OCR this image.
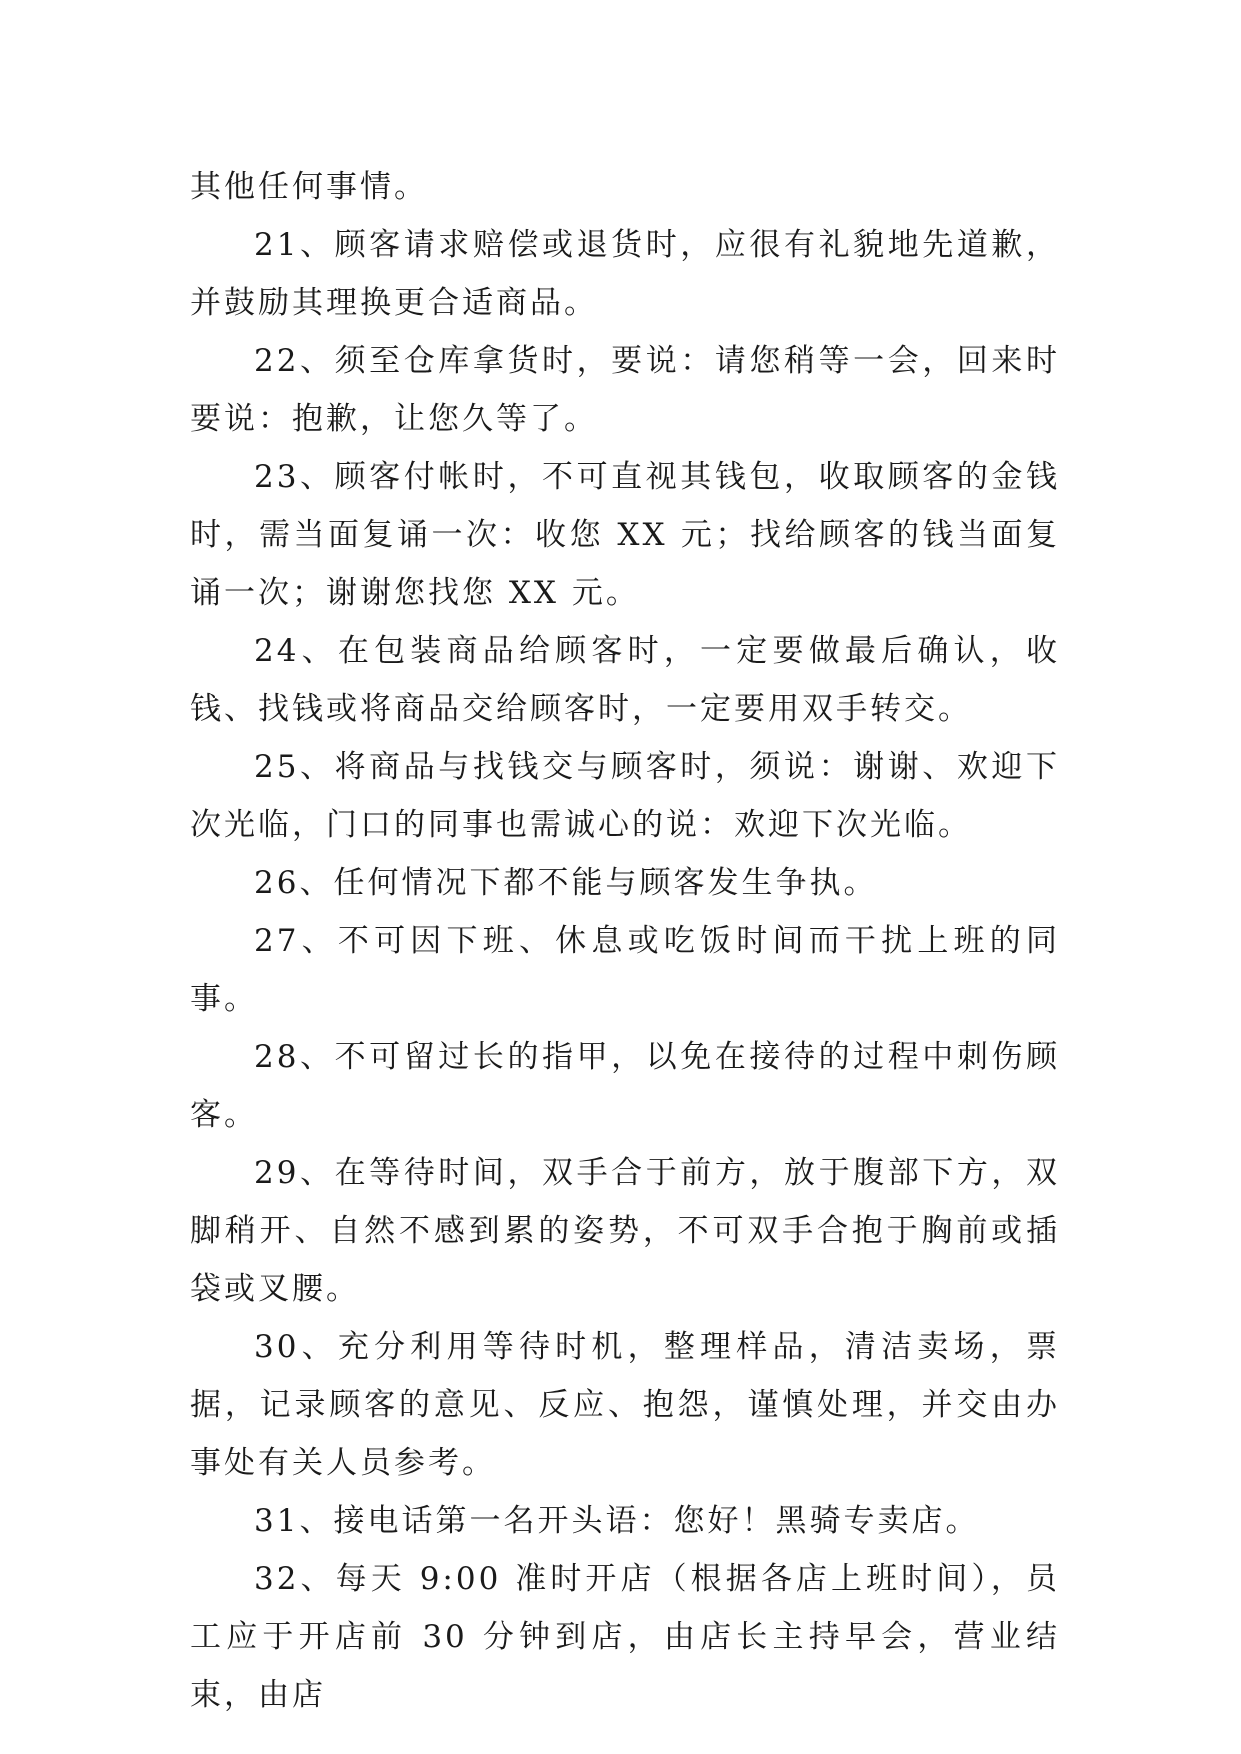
其他任何事情。

21、顾客请求赔偿或退货时，应很有礼貌地先道歉，并鼓励其理换更合适商品。

22、须至仓库拿货时，要说：请您稍等一会，回来时要说：抱歉，让您久等了。

23、顾客付帐时，不可直视其钱包，收取顾客的金钱时，需当面复诵一次：收您 XX 元；找给顾客的钱当面复诵一次；谢谢您找您 XX 元。

24、在包装商品给顾客时，一定要做最后确认，收钱、找钱或将商品交给顾客时，一定要用双手转交。

25、将商品与找钱交与顾客时，须说：谢谢、欢迎下次光临，门口的同事也需诚心的说：欢迎下次光临。

26、任何情况下都不能与顾客发生争执。

27、不可因下班、休息或吃饭时间而干扰上班的同事。

28、不可留过长的指甲，以免在接待的过程中刺伤顾客。

29、在等待时间，双手合于前方，放于腹部下方，双脚稍开、自然不感到累的姿势，不可双手合抱于胸前或插袋或叉腰。

30、充分利用等待时机，整理样品，清洁卖场，票据，记录顾客的意见、反应、抱怨，谨慎处理，并交由办事处有关人员参考。

31、接电话第一名开头语：您好！黑骑专卖店。

32、每天 9:00 准时开店（根据各店上班时间），员工应于开店前 30 分钟到店，由店长主持早会，营业结束，由店
